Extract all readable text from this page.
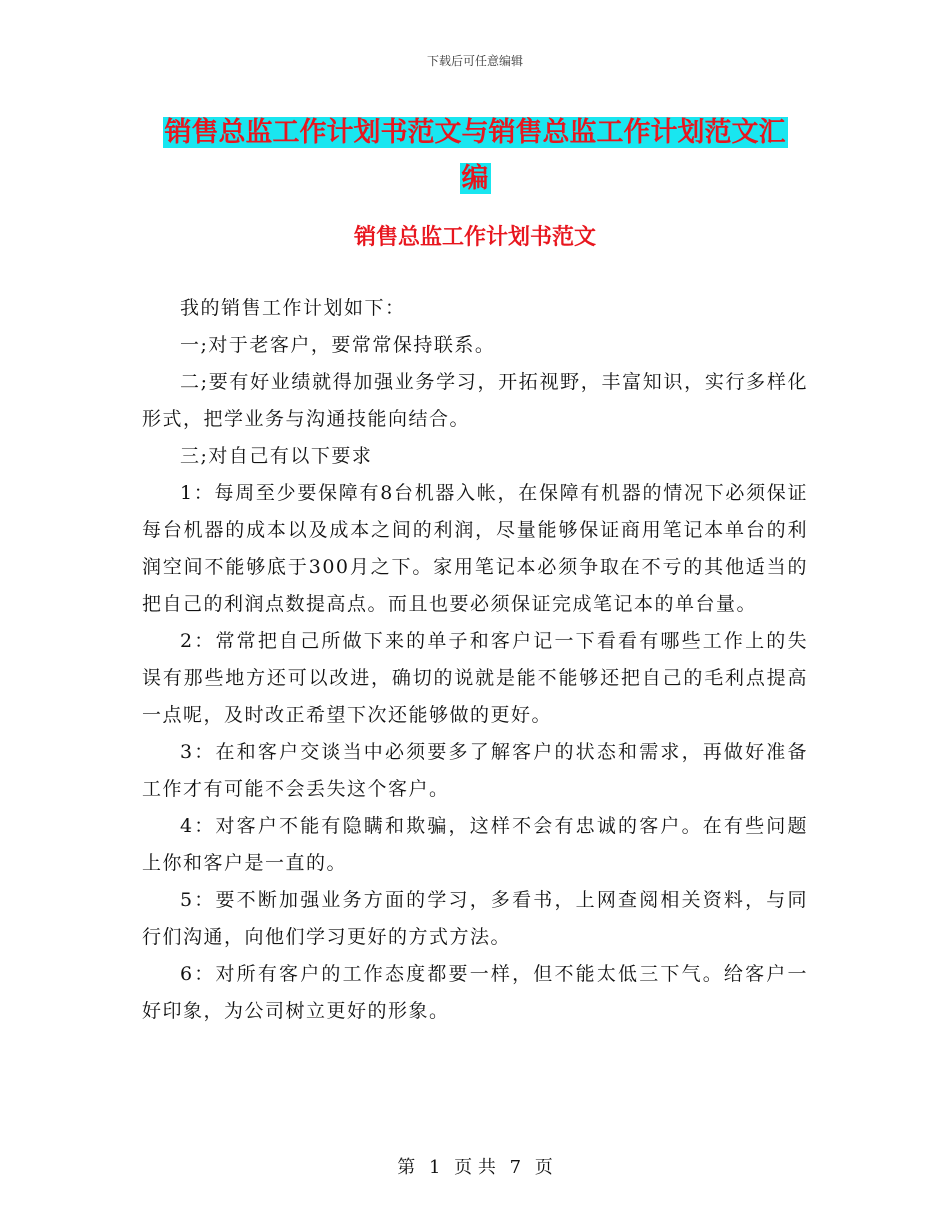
下载后可任意编辑
销售总监工作计划书范文与销售总监工作计划范文汇
编
销售总监工作计划书范文

我的销售工作计划如下：

一;对于老客户，要常常保持联系。

二;要有好业绩就得加强业务学习，开拓视野，丰富知识，实行多样化形式，把学业务与沟通技能向结合。

三;对自己有以下要求

1：每周至少要保障有8台机器入帐，在保障有机器的情况下必须保证每台机器的成本以及成本之间的利润，尽量能够保证商用笔记本单台的利润空间不能够底于300月之下。家用笔记本必须争取在不亏的其他适当的把自己的利润点数提高点。而且也要必须保证完成笔记本的单台量。

2：常常把自己所做下来的单子和客户记一下看看有哪些工作上的失误有那些地方还可以改进，确切的说就是能不能够还把自己的毛利点提高一点呢，及时改正希望下次还能够做的更好。

3：在和客户交谈当中必须要多了解客户的状态和需求，再做好准备工作才有可能不会丢失这个客户。

4：对客户不能有隐瞒和欺骗，这样不会有忠诚的客户。在有些问题上你和客户是一直的。

5：要不断加强业务方面的学习，多看书，上网查阅相关资料，与同行们沟通，向他们学习更好的方式方法。

6：对所有客户的工作态度都要一样，但不能太低三下气。给客户一好印象，为公司树立更好的形象。

第 1 页 共 7 页
